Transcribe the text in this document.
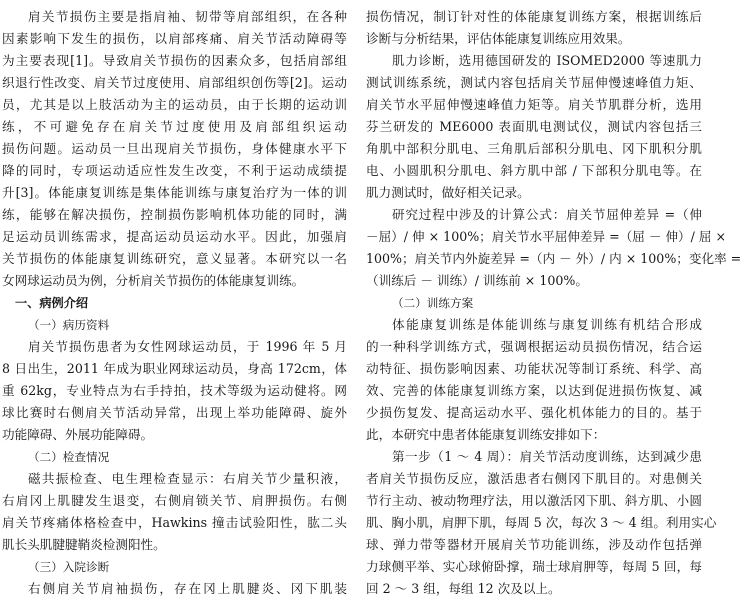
肩关节损伤主要是指肩袖、韧带等肩部组织，在各种
因素影响下发生的损伤，以肩部疼痛、肩关节活动障碍等
为主要表现[1]。导致肩关节损伤的因素众多，包括肩部组
织退行性改变、肩关节过度使用、肩部组织创伤等[2]。运动
员，尤其是以上肢活动为主的运动员，由于长期的运动训
练，不可避免存在肩关节过度使用及肩部组织运动
损伤问题。运动员一旦出现肩关节损伤，身体健康水平下
降的同时，专项运动适应性发生改变，不利于运动成绩提
升[3]。体能康复训练是集体能训练与康复治疗为一体的训
练，能够在解决损伤，控制损伤影响机体功能的同时，满
足运动员训练需求，提高运动员运动水平。因此，加强肩
关节损伤的体能康复训练研究，意义显著。本研究以一名
女网球运动员为例，分析肩关节损伤的体能康复训练。
一、病例介绍
（一）病历资料
肩关节损伤患者为女性网球运动员，于 1996 年 5 月
8 日出生，2011 年成为职业网球运动员，身高 172cm，体
重 62kg，专业特点为右手持拍，技术等级为运动健将。网
球比赛时右侧肩关节活动异常，出现上举功能障碍、旋外
功能障碍、外展功能障碍。
（二）检查情况
磁共振检查、电生理检查显示：右肩关节少量积液，
右肩冈上肌腱发生退变，右侧肩锁关节、肩胛损伤。右侧
肩关节疼痛体格检查中，Hawkins 撞击试验阳性，肱二头
肌长头肌腱腱鞘炎检测阳性。
（三）入院诊断
右侧肩关节肩袖损伤，存在冈上肌腱炎、冈下肌装
损伤情况，制订针对性的体能康复训练方案，根据训练后
诊断与分析结果，评估体能康复训练应用效果。
肌力诊断，选用德国研发的 ISOMED2000 等速肌力
测试训练系统，测试内容包括肩关节屈伸慢速峰值力矩、
肩关节水平屈伸慢速峰值力矩等。肩关节肌群分析，选用
芬兰研发的 ME6000 表面肌电测试仪，测试内容包括三
角肌中部积分肌电、三角肌后部积分肌电、冈下肌积分肌
电、小圆肌积分肌电、斜方肌中部 / 下部积分肌电等。在
肌力测试时，做好相关记录。
研究过程中涉及的计算公式：肩关节屈伸差异 =（伸
－屈）/ 伸 × 100%；肩关节水平屈伸差异 =（屈 － 伸）/ 屈 ×
100%；肩关节内外旋差异 =（内 － 外）/ 内 × 100%；变化率 =
（训练后 － 训练）/ 训练前 × 100%。
（二）训练方案
体能康复训练是体能训练与康复训练有机结合形成
的一种科学训练方式，强调根据运动员损伤情况，结合运
动特征、损伤影响因素、功能状况等制订系统、科学、高
效、完善的体能康复训练方案，以达到促进损伤恢复、减
少损伤复发、提高运动水平、强化机体能力的目的。基于
此，本研究中患者体能康复训练安排如下：
第一步（1 ～ 4 周）：肩关节活动度训练，达到减少患
者肩关节损伤反应，激活患者右侧冈下肌目的。对患侧关
节行主动、被动物理疗法，用以激活冈下肌、斜方肌、小圆
肌、胸小肌，肩胛下肌，每周 5 次，每次 3 ～ 4 组。利用实心
球、弹力带等器材开展肩关节功能训练，涉及动作包括弹
力球侧平举、实心球俯卧撑，瑞士球肩胛等，每周 5 回，每
回 2 ～ 3 组，每组 12 次及以上。
